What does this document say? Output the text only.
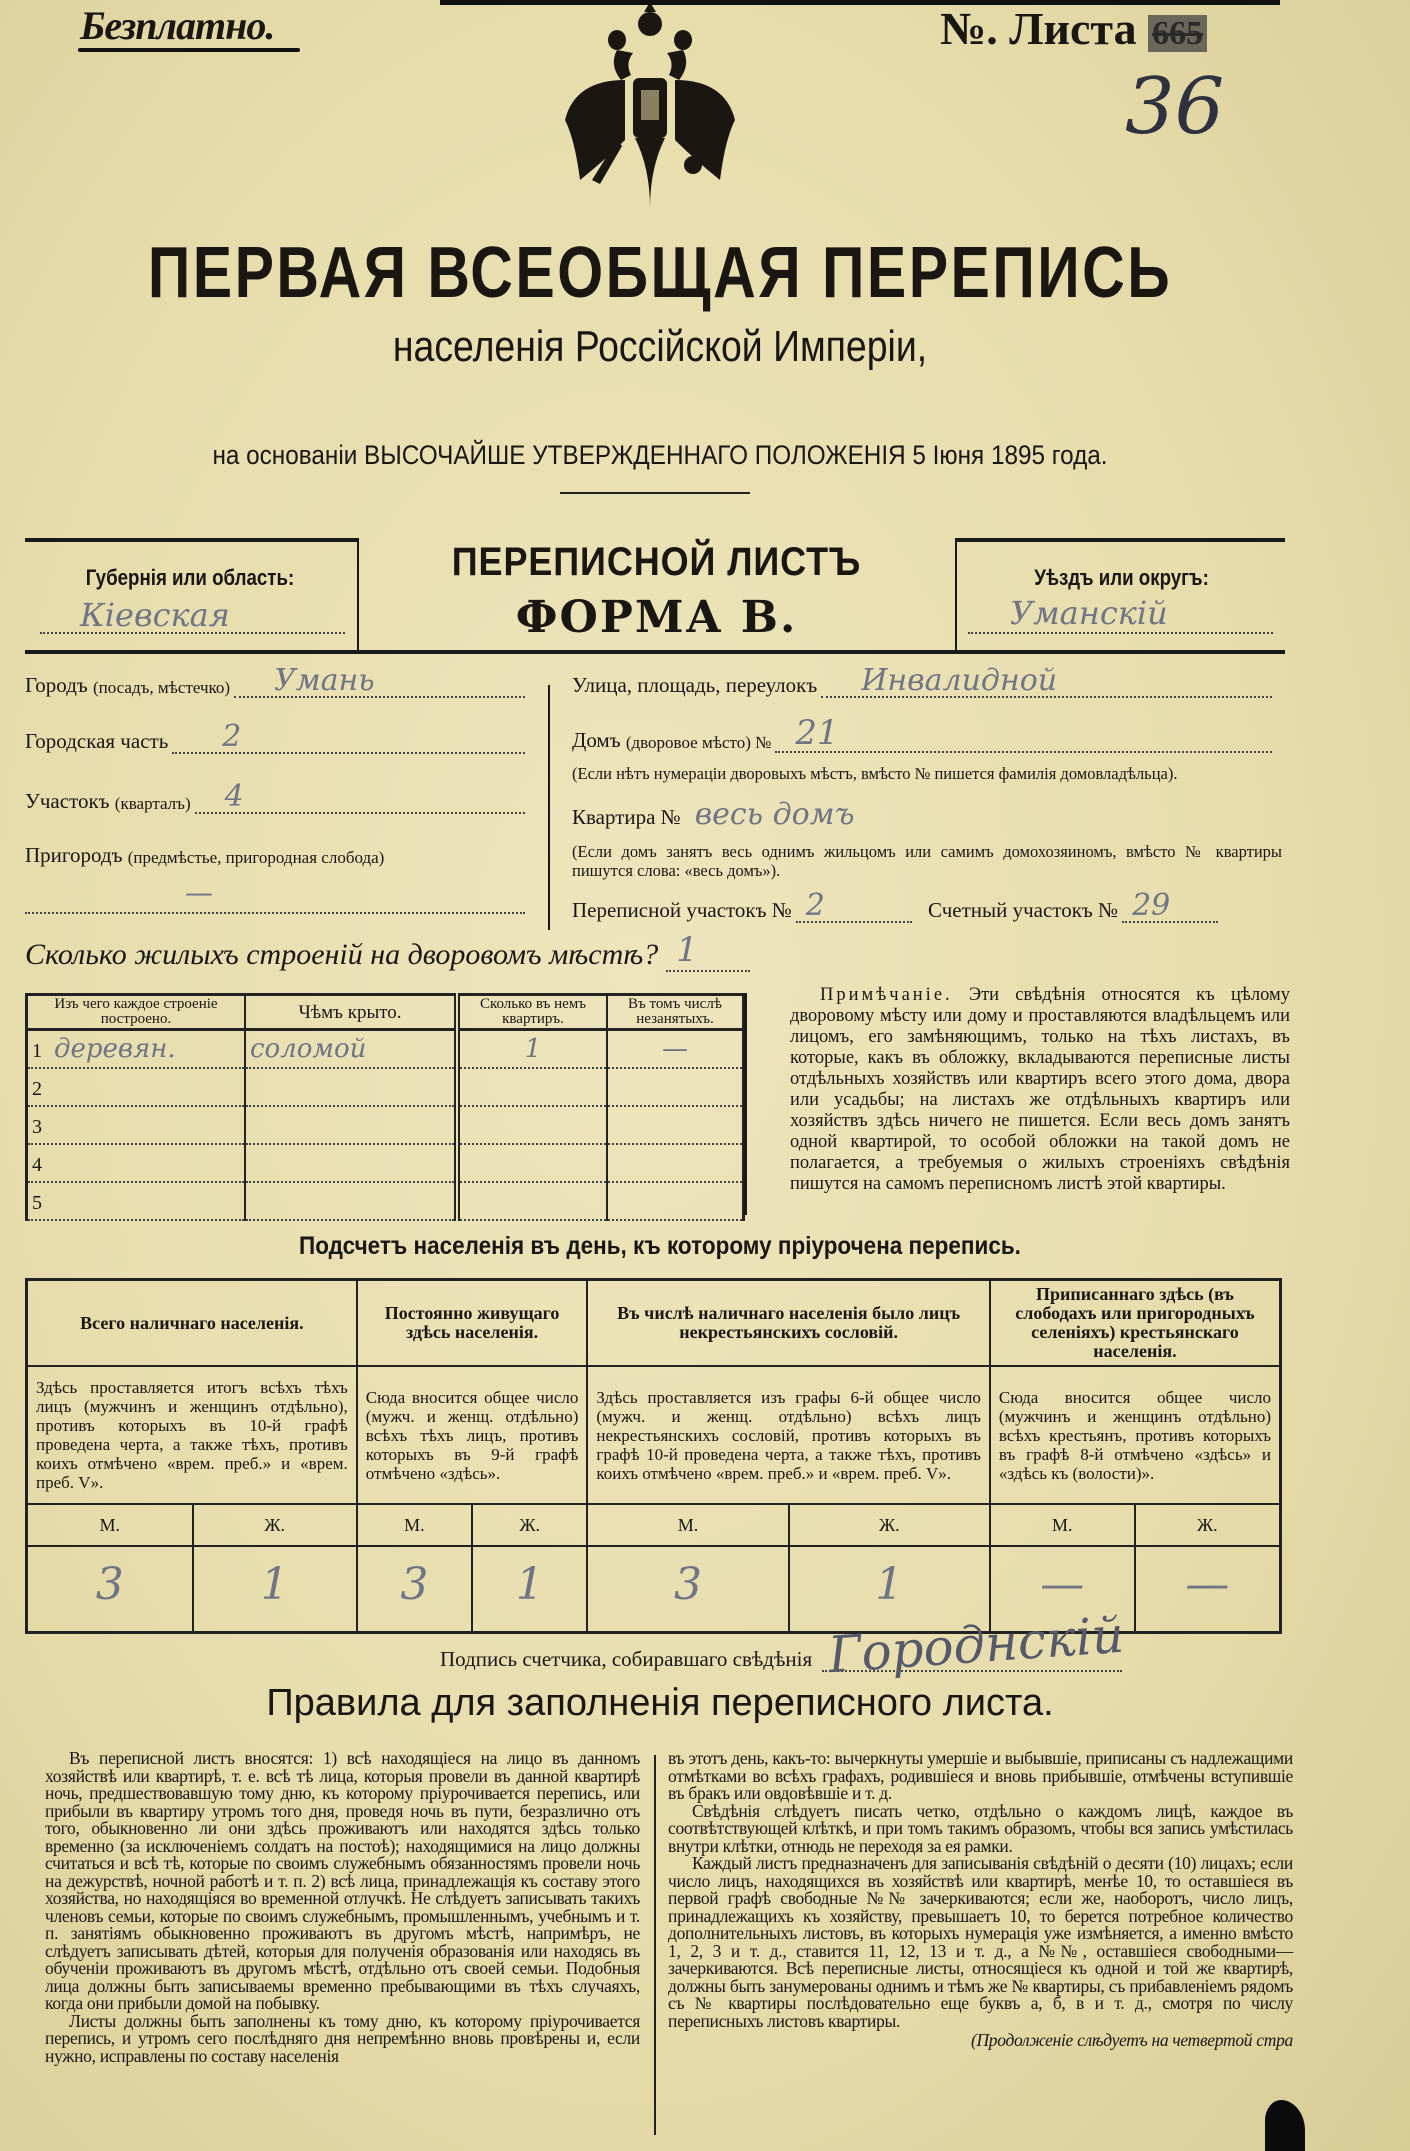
Безплатно.	№. Листа 665
36
ПЕРВАЯ ВСЕОБЩАЯ ПЕРЕПИСЬ
населенія Россійской Имперіи,
на основаніи ВЫСОЧАЙШЕ УТВЕРЖДЕННАГО ПОЛОЖЕНІЯ 5 Іюня 1895 года.
Губернія или область:
Кіевская
ПЕРЕПИСНОЙ ЛИСТЪ
ФОРМА В.
Уѣздъ или округъ:
Уманскій
Городъ
(посадъ, мѣстечко) Умань
Городская часть 2
Участокъ
(кварталъ) 4
Пригородъ
(предмѣстье, пригородная слобода)
—
Улица, площадь, переулокъ Инвалидной
Домъ
(дворовое мѣсто) № 21
(Если нѣтъ нумераціи дворовыхъ мѣстъ, вмѣсто № пишется фамилія домовладѣльца).
Квартира № весь домъ
(Если домъ занятъ весь однимъ жильцомъ или самимъ домохозяиномъ, вмѣсто № квартиры пишутся слова: «весь домъ»).
Переписной участокъ № 2	Счетный участокъ № 29
Сколько жилыхъ строеній на дворовомъ мѣстѣ? 1
Изъ чего каждое строеніе построено.	Чѣмъ крыто.	Сколько въ немъ квартиръ.	Въ томъ числѣ незанятыхъ.
1 деревян.	соломой	1	—
2			
3			
4			
5			
Примѣчаніе. Эти свѣдѣнія относятся къ цѣлому дворовому мѣсту или дому и проставляются владѣльцемъ или лицомъ, его замѣняющимъ, только на тѣхъ листахъ, въ которые, какъ въ обложку, вкладываются переписные листы отдѣльныхъ хозяйствъ или квартиръ всего этого дома, двора или усадьбы; на листахъ же отдѣльныхъ квартиръ или хозяйствъ здѣсь ничего не пишется. Если весь домъ занятъ одной квартирой, то особой обложки на такой домъ не полагается, а требуемыя о жилыхъ строеніяхъ свѣдѣнія пишутся на самомъ переписномъ листѣ этой квартиры.
Подсчетъ населенія въ день, къ которому пріурочена перепись.
Всего наличнаго населенія.		Постоянно живущаго здѣсь населенія.		Въ числѣ наличнаго населенія было лицъ некрестьянскихъ сословій.		Приписаннаго здѣсь (въ слободахъ или пригородныхъ селеніяхъ) крестьянскаго населенія.	
Здѣсь проставляется итогъ всѣхъ тѣхъ лицъ (мужчинъ и женщинъ отдѣльно), противъ которыхъ въ 10-й графѣ проведена черта, а также тѣхъ, противъ коихъ отмѣчено «врем. преб.» и «врем. преб. V».		Сюда вносится общее число (мужч. и женщ. отдѣльно) всѣхъ тѣхъ лицъ, противъ которыхъ въ 9-й графѣ отмѣчено «здѣсь».		Здѣсь проставляется изъ графы 6-й общее число (мужч. и женщ. отдѣльно) всѣхъ лицъ некрестьянскихъ сословій, противъ которыхъ въ графѣ 10-й проведена черта, а также тѣхъ, противъ коихъ отмѣчено «врем. преб.» и «врем. преб. V».		Сюда вносится общее число (мужчинъ и женщинъ отдѣльно) всѣхъ крестьянъ, противъ которыхъ въ графѣ 8-й отмѣчено «здѣсь» и «здѣсь къ (волости)».	
М.	Ж.	М.	Ж.	М.	Ж.	М.	Ж.
3	1	3	1	3	1	—	—
Подпись счетчика, собиравшаго свѣдѣнія Городнскій
Правила для заполненія переписного листа.

Въ переписной листъ вносятся: 1) всѣ находящіеся на лицо въ данномъ хозяйствѣ или квартирѣ, т. е. всѣ тѣ лица, которыя провели въ данной квартирѣ ночь, предшествовавшую тому дню, къ которому пріурочивается перепись, или прибыли въ квартиру утромъ того дня, проведя ночь въ пути, безразлично отъ того, обыкновенно ли они здѣсь проживаютъ или находятся здѣсь только временно (за исключеніемъ солдатъ на постоѣ); находящимися на лицо должны считаться и всѣ тѣ, которые по своимъ служебнымъ обязанностямъ провели ночь на дежурствѣ, ночной работѣ и т. п. 2) всѣ лица, принадлежащія къ составу этого хозяйства, но находящіяся во временной отлучкѣ. Не слѣдуетъ записывать такихъ членовъ семьи, которые по своимъ служебнымъ, промышленнымъ, учебнымъ и т. п. занятіямъ обыкновенно проживаютъ въ другомъ мѣстѣ, напримѣръ, не слѣдуетъ записывать дѣтей, которыя для полученія образованія или находясь въ обученіи проживаютъ въ другомъ мѣстѣ, отдѣльно отъ своей семьи. Подобныя лица должны быть записываемы временно пребывающими въ тѣхъ случаяхъ, когда они прибыли домой на побывку.

Листы должны быть заполнены къ тому дню, къ которому пріурочивается перепись, и утромъ сего послѣдняго дня непремѣнно вновь провѣрены и, если нужно, исправлены по составу населенія

въ этотъ день, какъ-то: вычеркнуты умершіе и выбывшіе, приписаны съ надлежащими отмѣтками во всѣхъ графахъ, родившіеся и вновь прибывшіе, отмѣчены вступившіе въ бракъ или овдовѣвшіе и т. д.

Свѣдѣнія слѣдуетъ писать четко, отдѣльно о каждомъ лицѣ, каждое въ соотвѣтствующей клѣткѣ, и при томъ такимъ образомъ, чтобы вся запись умѣстилась внутри клѣтки, отнюдь не переходя за ея рамки.

Каждый листъ предназначенъ для записыванія свѣдѣній о десяти (10) лицахъ; если число лицъ, находящихся въ хозяйствѣ или квартирѣ, менѣе 10, то оставшіеся въ первой графѣ свободные №№ зачеркиваются; если же, наоборотъ, число лицъ, принадлежащихъ къ хозяйству, превышаетъ 10, то берется потребное количество дополнительныхъ листовъ, въ которыхъ нумерація уже измѣняется, а именно вмѣсто 1, 2, 3 и т. д., ставится 11, 12, 13 и т. д., а №№, оставшіеся свободными—зачеркиваются. Всѣ переписные листы, относящіеся къ одной и той же квартирѣ, должны быть занумерованы однимъ и тѣмъ же № квартиры, съ прибавленіемъ рядомъ съ № квартиры послѣдовательно еще буквъ а, б, в и т. д., смотря по числу переписныхъ листовъ квартиры.

(Продолженіе слѣдуетъ на четвертой стра
